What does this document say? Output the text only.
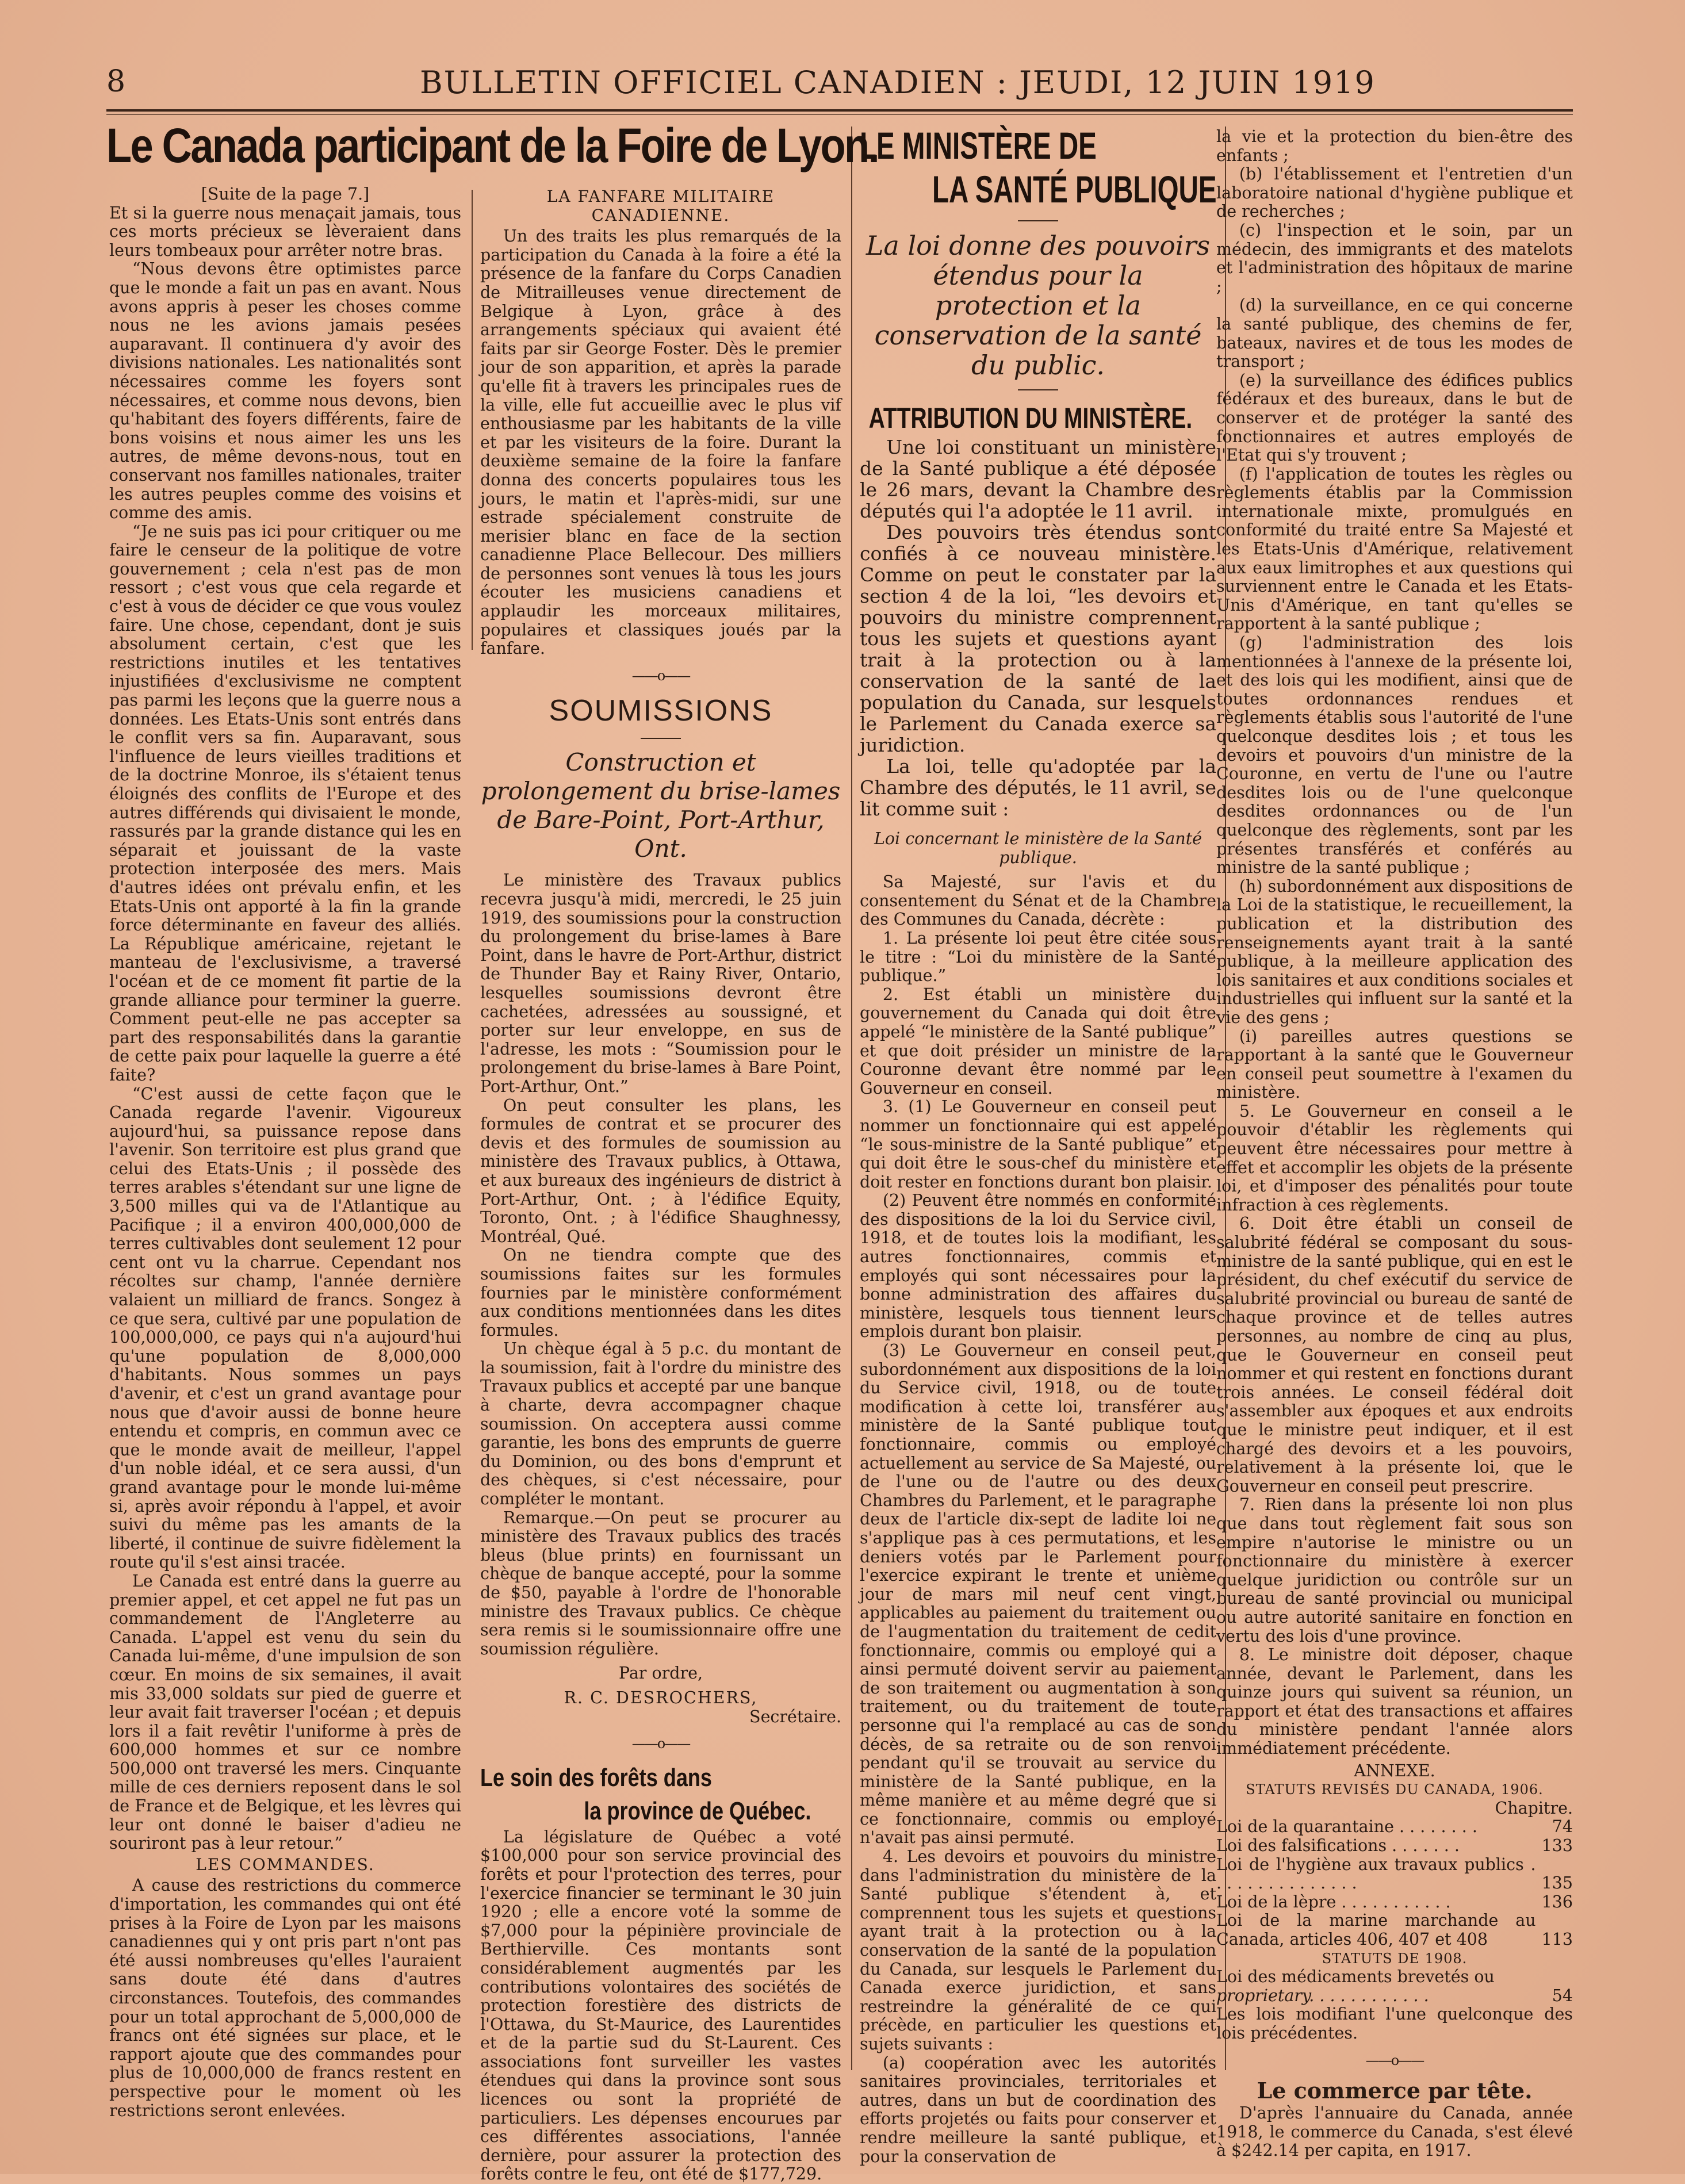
8	BULLETIN OFFICIEL CANADIEN : JEUDI, 12 JUIN 1919
Le Canada participant de la Foire de Lyon.

[Suite de la page 7.]

Et si la guerre nous menaçait jamais, tous ces morts précieux se lèveraient dans leurs tombeaux pour arrêter notre bras.

“Nous devons être optimistes parce que le monde a fait un pas en avant. Nous avons appris à peser les choses comme nous ne les avions jamais pesées auparavant. Il continuera d'y avoir des divisions nationales. Les nationalités sont nécessaires comme les foyers sont nécessaires, et comme nous devons, bien qu'habitant des foyers différents, faire de bons voisins et nous aimer les uns les autres, de même devons-nous, tout en conservant nos familles nationales, traiter les autres peuples comme des voisins et comme des amis.

“Je ne suis pas ici pour critiquer ou me faire le censeur de la politique de votre gouvernement ; cela n'est pas de mon ressort ; c'est vous que cela regarde et c'est à vous de décider ce que vous voulez faire. Une chose, cependant, dont je suis absolument certain, c'est que les restrictions inutiles et les tentatives injustifiées d'exclusivisme ne comptent pas parmi les leçons que la guerre nous a données. Les Etats-Unis sont entrés dans le conflit vers sa fin. Auparavant, sous l'influence de leurs vieilles traditions et de la doctrine Monroe, ils s'étaient tenus éloignés des conflits de l'Europe et des autres différends qui divisaient le monde, rassurés par la grande distance qui les en séparait et jouissant de la vaste protection interposée des mers. Mais d'autres idées ont prévalu enfin, et les Etats-Unis ont apporté à la fin la grande force déterminante en faveur des alliés. La République américaine, rejetant le manteau de l'exclusivisme, a traversé l'océan et de ce moment fit partie de la grande alliance pour terminer la guerre. Comment peut-elle ne pas accepter sa part des responsabilités dans la garantie de cette paix pour laquelle la guerre a été faite?

“C'est aussi de cette façon que le Canada regarde l'avenir. Vigoureux aujourd'hui, sa puissance repose dans l'avenir. Son territoire est plus grand que celui des Etats-Unis ; il possède des terres arables s'étendant sur une ligne de 3,500 milles qui va de l'Atlantique au Pacifique ; il a environ 400,000,000 de terres cultivables dont seulement 12 pour cent ont vu la charrue. Cependant nos récoltes sur champ, l'année dernière valaient un milliard de francs. Songez à ce que sera, cultivé par une population de 100,000,000, ce pays qui n'a aujourd'hui qu'une population de 8,000,000 d'habitants. Nous sommes un pays d'avenir, et c'est un grand avantage pour nous que d'avoir aussi de bonne heure entendu et compris, en commun avec ce que le monde avait de meilleur, l'appel d'un noble idéal, et ce sera aussi, d'un grand avantage pour le monde lui-même si, après avoir répondu à l'appel, et avoir suivi du même pas les amants de la liberté, il continue de suivre fidèlement la route qu'il s'est ainsi tracée.

Le Canada est entré dans la guerre au premier appel, et cet appel ne fut pas un commandement de l'Angleterre au Canada. L'appel est venu du sein du Canada lui-même, d'une impulsion de son cœur. En moins de six semaines, il avait mis 33,000 soldats sur pied de guerre et leur avait fait traverser l'océan ; et depuis lors il a fait revêtir l'uniforme à près de 600,000 hommes et sur ce nombre 500,000 ont traversé les mers. Cinquante mille de ces derniers reposent dans le sol de France et de Belgique, et les lèvres qui leur ont donné le baiser d'adieu ne souriront pas à leur retour.”

LES COMMANDES.

A cause des restrictions du commerce d'importation, les commandes qui ont été prises à la Foire de Lyon par les maisons canadiennes qui y ont pris part n'ont pas été aussi nombreuses qu'elles l'auraient sans doute été dans d'autres circonstances. Toutefois, des commandes pour un total approchant de 5,000,000 de francs ont été signées sur place, et le rapport ajoute que des commandes pour plus de 10,000,000 de francs restent en perspective pour le moment où les restrictions seront enlevées.

LA FANFARE MILITAIRE CANADIENNE.

Un des traits les plus remarqués de la participation du Canada à la foire a été la présence de la fanfare du Corps Canadien de Mitrailleuses venue directement de Belgique à Lyon, grâce à des arrangements spéciaux qui avaient été faits par sir George Foster. Dès le premier jour de son apparition, et après la parade qu'elle fit à travers les principales rues de la ville, elle fut accueillie avec le plus vif enthousiasme par les habitants de la ville et par les visiteurs de la foire. Durant la deuxième semaine de la foire la fanfare donna des concerts populaires tous les jours, le matin et l'après-midi, sur une estrade spécialement construite de merisier blanc en face de la section canadienne Place Bellecour. Des milliers de personnes sont venues là tous les jours écouter les musiciens canadiens et applaudir les morceaux militaires, populaires et classiques joués par la fanfare.

——o——
SOUMISSIONS
Construction et prolongement du brise-lames de Bare-Point, Port-Arthur, Ont.

Le ministère des Travaux publics recevra jusqu'à midi, mercredi, le 25 juin 1919, des soumissions pour la construction du prolongement du brise-lames à Bare Point, dans le havre de Port-Arthur, district de Thunder Bay et Rainy River, Ontario, lesquelles soumissions devront être cachetées, adressées au soussigné, et porter sur leur enveloppe, en sus de l'adresse, les mots : “Soumission pour le prolongement du brise-lames à Bare Point, Port-Arthur, Ont.”

On peut consulter les plans, les formules de contrat et se procurer des devis et des formules de soumission au ministère des Travaux publics, à Ottawa, et aux bureaux des ingénieurs de district à Port-Arthur, Ont. ; à l'édifice Equity, Toronto, Ont. ; à l'édifice Shaughnessy, Montréal, Qué.

On ne tiendra compte que des soumissions faites sur les formules fournies par le ministère conformément aux conditions mentionnées dans les dites formules.

Un chèque égal à 5 p.c. du montant de la soumission, fait à l'ordre du ministre des Travaux publics et accepté par une banque à charte, devra accompagner chaque soumission. On acceptera aussi comme garantie, les bons des emprunts de guerre du Dominion, ou des bons d'emprunt et des chèques, si c'est nécessaire, pour compléter le montant.

Remarque.—On peut se procurer au ministère des Travaux publics des tracés bleus (blue prints) en fournissant un chèque de banque accepté, pour la somme de $50, payable à l'ordre de l'honorable ministre des Travaux publics. Ce chèque sera remis si le soumissionnaire offre une soumission régulière.

Par ordre,
R. C. DESROCHERS,
Secrétaire.
——o——
Le soin des forêts dans
la province de Québec.

La législature de Québec a voté $100,000 pour son service provincial des forêts et pour l'protection des terres, pour l'exercice financier se terminant le 30 juin 1920 ; elle a encore voté la somme de $7,000 pour la pépinière provinciale de Berthierville. Ces montants sont considérablement augmentés par les contributions volontaires des sociétés de protection forestière des districts de l'Ottawa, du St-Maurice, des Laurentides et de la partie sud du St-Laurent. Ces associations font surveiller les vastes étendues qui dans la province sont sous licences ou sont la propriété de particuliers. Les dépenses encourues par ces différentes associations, l'année dernière, pour assurer la protection des forêts contre le feu, ont été de $177,729.

LE MINISTÈRE DE
LA SANTÉ PUBLIQUE
La loi donne des pouvoirs étendus pour la protection et la conservation de la santé du public.
ATTRIBUTION DU MINISTÈRE.

Une loi constituant un ministère de la Santé publique a été déposée le 26 mars, devant la Chambre des députés qui l'a adoptée le 11 avril.

Des pouvoirs très étendus sont confiés à ce nouveau ministère. Comme on peut le constater par la section 4 de la loi, “les devoirs et pouvoirs du ministre comprennent tous les sujets et questions ayant trait à la protection ou à la conservation de la santé de la population du Canada, sur lesquels le Parlement du Canada exerce sa juridiction.

La loi, telle qu'adoptée par la Chambre des députés, le 11 avril, se lit comme suit :

Loi concernant le ministère de la Santé publique.

Sa Majesté, sur l'avis et du consentement du Sénat et de la Chambre des Communes du Canada, décrète :

1. La présente loi peut être citée sous le titre : “Loi du ministère de la Santé publique.”

2. Est établi un ministère du gouvernement du Canada qui doit être appelé “le ministère de la Santé publique” et que doit présider un ministre de la Couronne devant être nommé par le Gouverneur en conseil.

3. (1) Le Gouverneur en conseil peut nommer un fonctionnaire qui est appelé “le sous-ministre de la Santé publique” et qui doit être le sous-chef du ministère et doit rester en fonctions durant bon plaisir.

(2) Peuvent être nommés en conformité des dispositions de la loi du Service civil, 1918, et de toutes lois la modifiant, les autres fonctionnaires, commis et employés qui sont nécessaires pour la bonne administration des affaires du ministère, lesquels tous tiennent leurs emplois durant bon plaisir.

(3) Le Gouverneur en conseil peut, subordonnément aux dispositions de la loi du Service civil, 1918, ou de toute modification à cette loi, transférer au ministère de la Santé publique tout fonctionnaire, commis ou employé actuellement au service de Sa Majesté, ou de l'une ou de l'autre ou des deux Chambres du Parlement, et le paragraphe deux de l'article dix-sept de ladite loi ne s'applique pas à ces permutations, et les deniers votés par le Parlement pour l'exercice expirant le trente et unième jour de mars mil neuf cent vingt, applicables au paiement du traitement ou de l'augmentation du traitement de cedit fonctionnaire, commis ou employé qui a ainsi permuté doivent servir au paiement de son traitement ou augmentation à son traitement, ou du traitement de toute personne qui l'a remplacé au cas de son décès, de sa retraite ou de son renvoi pendant qu'il se trouvait au service du ministère de la Santé publique, en la même manière et au même degré que si ce fonctionnaire, commis ou employé n'avait pas ainsi permuté.

4. Les devoirs et pouvoirs du ministre dans l'administration du ministère de la Santé publique s'étendent à, et comprennent tous les sujets et questions ayant trait à la protection ou à la conservation de la santé de la population du Canada, sur lesquels le Parlement du Canada exerce juridiction, et sans restreindre la généralité de ce qui précède, en particulier les questions et sujets suivants :

(a) coopération avec les autorités sanitaires provinciales, territoriales et autres, dans un but de coordination des efforts projetés ou faits pour conserver et rendre meilleure la santé publique, et pour la conservation de

la vie et la protection du bien-être des enfants ;

(b) l'établissement et l'entretien d'un laboratoire national d'hygiène publique et de recherches ;

(c) l'inspection et le soin, par un médecin, des immigrants et des matelots et l'administration des hôpitaux de marine ;

(d) la surveillance, en ce qui concerne la santé publique, des chemins de fer, bateaux, navires et de tous les modes de transport ;

(e) la surveillance des édifices publics fédéraux et des bureaux, dans le but de conserver et de protéger la santé des fonctionnaires et autres employés de l'Etat qui s'y trouvent ;

(f) l'application de toutes les règles ou règlements établis par la Commission internationale mixte, promulgués en conformité du traité entre Sa Majesté et les Etats-Unis d'Amérique, relativement aux eaux limitrophes et aux questions qui surviennent entre le Canada et les Etats-Unis d'Amérique, en tant qu'elles se rapportent à la santé publique ;

(g) l'administration des lois mentionnées à l'annexe de la présente loi, et des lois qui les modifient, ainsi que de toutes ordonnances rendues et règlements établis sous l'autorité de l'une quelconque desdites lois ; et tous les devoirs et pouvoirs d'un ministre de la Couronne, en vertu de l'une ou l'autre desdites lois ou de l'une quelconque desdites ordonnances ou de l'un quelconque des règlements, sont par les présentes transférés et conférés au ministre de la santé publique ;

(h) subordonnément aux dispositions de la Loi de la statistique, le recueillement, la publication et la distribution des renseignements ayant trait à la santé publique, à la meilleure application des lois sanitaires et aux conditions sociales et industrielles qui influent sur la santé et la vie des gens ;

(i) pareilles autres questions se rapportant à la santé que le Gouverneur en conseil peut soumettre à l'examen du ministère.

5. Le Gouverneur en conseil a le pouvoir d'établir les règlements qui peuvent être nécessaires pour mettre à effet et accomplir les objets de la présente loi, et d'imposer des pénalités pour toute infraction à ces règlements.

6. Doit être établi un conseil de salubrité fédéral se composant du sous-ministre de la santé publique, qui en est le président, du chef exécutif du service de salubrité provincial ou bureau de santé de chaque province et de telles autres personnes, au nombre de cinq au plus, que le Gouverneur en conseil peut nommer et qui restent en fonctions durant trois années. Le conseil fédéral doit s'assembler aux époques et aux endroits que le ministre peut indiquer, et il est chargé des devoirs et a les pouvoirs, relativement à la présente loi, que le Gouverneur en conseil peut prescrire.

7. Rien dans la présente loi non plus que dans tout règlement fait sous son empire n'autorise le ministre ou un fonctionnaire du ministère à exercer quelque juridiction ou contrôle sur un bureau de santé provincial ou municipal ou autre autorité sanitaire en fonction en vertu des lois d'une province.

8. Le ministre doit déposer, chaque année, devant le Parlement, dans les quinze jours qui suivent sa réunion, un rapport et état des transactions et affaires du ministère pendant l'année alors immédiatement précédente.

ANNEXE.
STATUTS REVISÉS DU CANADA, 1906.
Chapitre.
Loi de la quarantaine . . . . . . . .	74
Loi des falsifications . . . . . . .	133
Loi de l'hygiène aux travaux publics . . . . . . . . . . . . . . .	135
Loi de la lèpre . . . . . . . . . . .	136
Loi de la marine marchande au Canada, articles 406, 407 et 408	113
STATUTS DE 1908.
Loi des médicaments brevetés ou
proprietary. . . . . . . . . . . .	54
Les lois modifiant l'une quelconque des lois précédentes.
——o——
Le commerce par tête.

D'après l'annuaire du Canada, année 1918, le commerce du Canada, s'est élevé à $242.14 per capita, en 1917.
